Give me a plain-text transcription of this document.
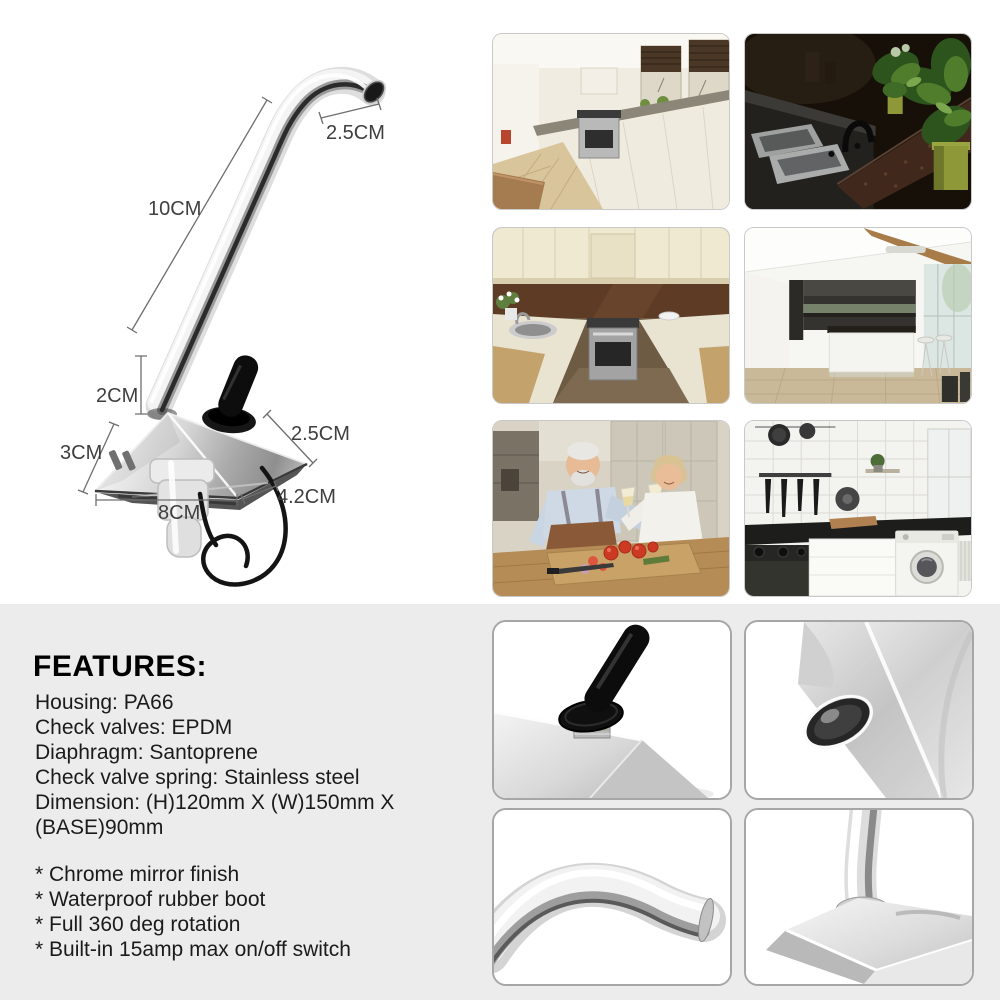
2.5CM
10CM
2CM
3CM
2.5CM
4.2CM
8CM
FEATURES:

Housing: PA66

Check valves: EPDM

Diaphragm: Santoprene

Check valve spring: Stainless steel

Dimension: (H)120mm X (W)150mm X (BASE)90mm

* Chrome mirror finish

* Waterproof rubber boot

* Full 360 deg rotation

* Built-in 15amp max on/off switch
